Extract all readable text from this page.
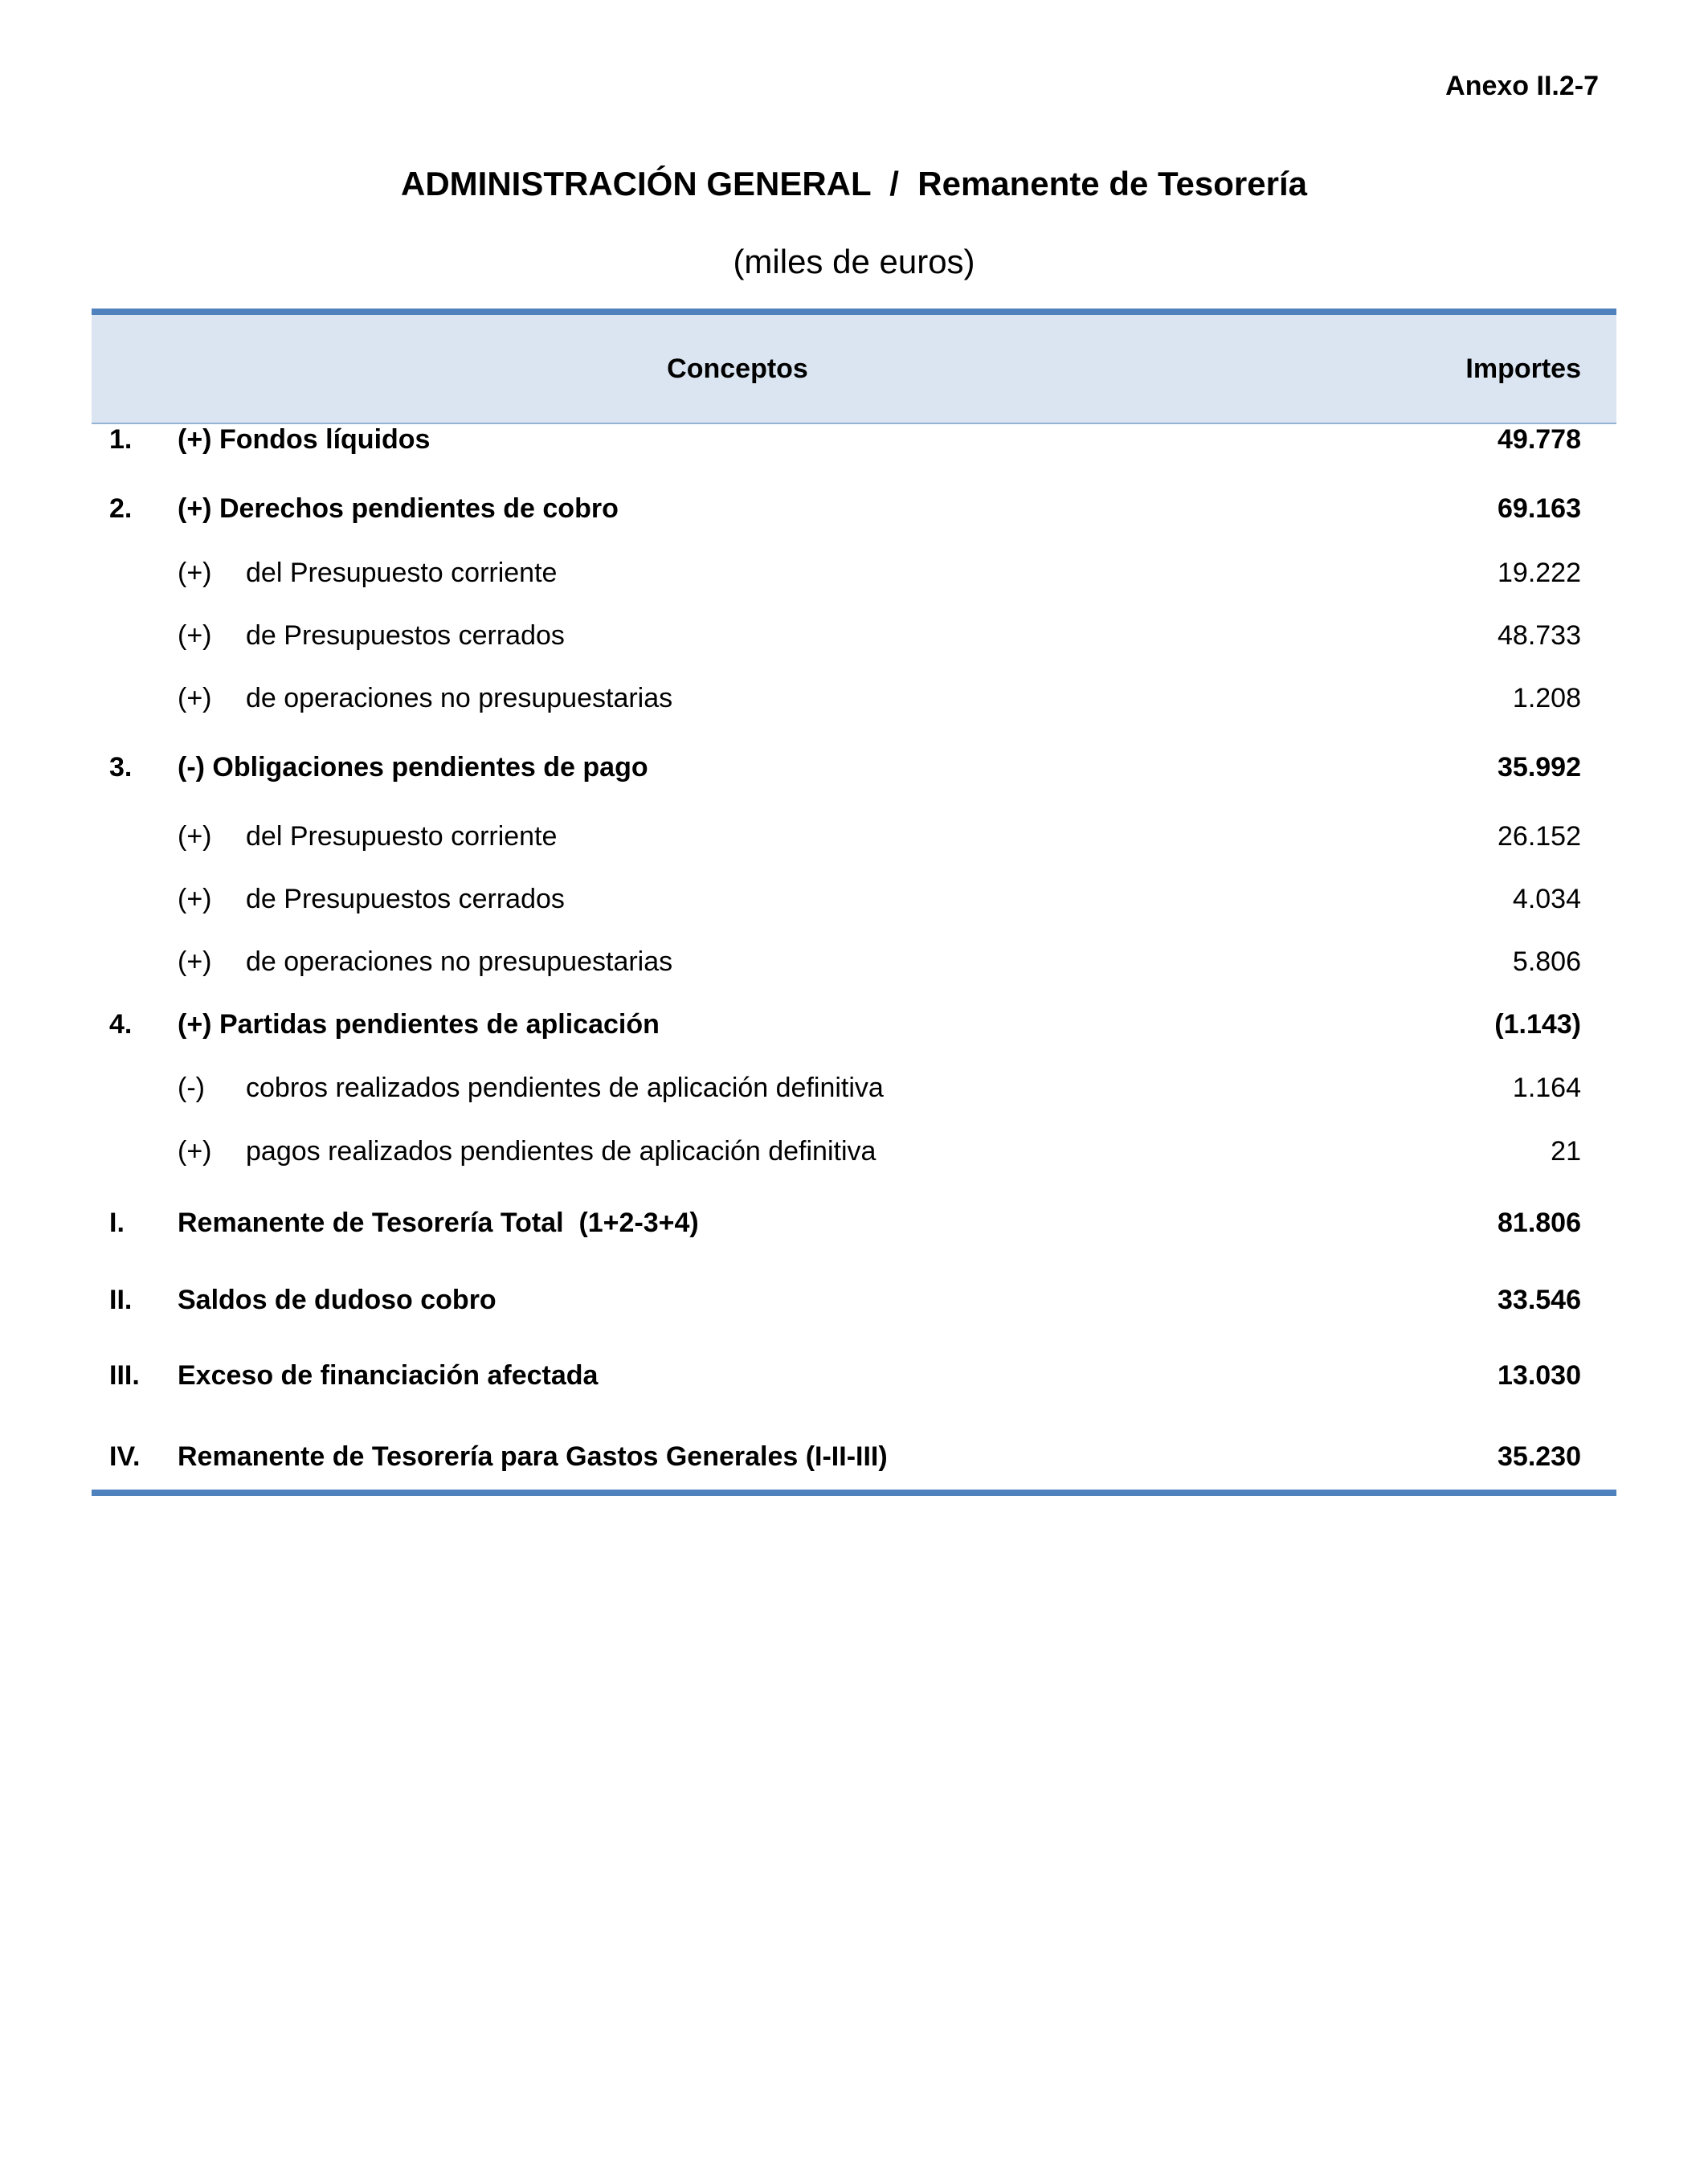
Anexo II.2-7
ADMINISTRACIÓN GENERAL  /  Remanente de Tesorería
(miles de euros)
Conceptos	Importes
1. (+) Fondos líquidos	49.778
2. (+) Derechos pendientes de cobro	69.163
(+) del Presupuesto corriente	19.222
(+) de Presupuestos cerrados	48.733
(+) de operaciones no presupuestarias	1.208
3. (-) Obligaciones pendientes de pago	35.992
(+) del Presupuesto corriente	26.152
(+) de Presupuestos cerrados	4.034
(+) de operaciones no presupuestarias	5.806
4. (+) Partidas pendientes de aplicación	(1.143)
(-) cobros realizados pendientes de aplicación definitiva	1.164
(+) pagos realizados pendientes de aplicación definitiva	21
I. Remanente de Tesorería Total  (1+2-3+4)	81.806
II. Saldos de dudoso cobro	33.546
III. Exceso de financiación afectada	13.030
IV. Remanente de Tesorería para Gastos Generales (I-II-III)	35.230
